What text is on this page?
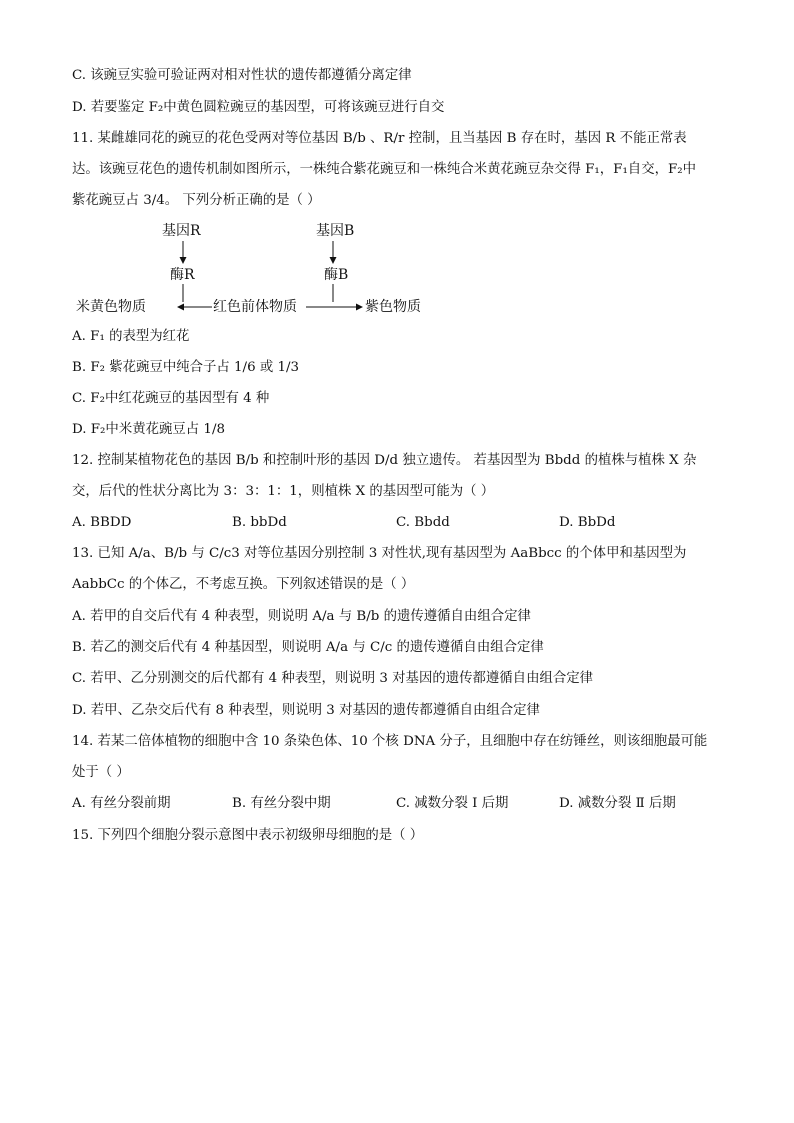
C. 该豌豆实验可验证两对相对性状的遗传都遵循分离定律
D. 若要鉴定 F₂中黄色圆粒豌豆的基因型，可将该豌豆进行自交
11. 某雌雄同花的豌豆的花色受两对等位基因 B/b 、R/r 控制，且当基因 B 存在时，基因 R 不能正常表
达。该豌豆花色的遗传机制如图所示，一株纯合紫花豌豆和一株纯合米黄花豌豆杂交得 F₁，F₁自交，F₂中
紫花豌豆占 3/4。 下列分析正确的是（ ）
基因R	基因B
酶R	酶B
米黄色物质	红色前体物质	紫色物质
A. F₁ 的表型为红花
B. F₂ 紫花豌豆中纯合子占 1/6 或 1/3
C. F₂中红花豌豆的基因型有 4 种
D. F₂中米黄花豌豆占 1/8
12. 控制某植物花色的基因 B/b 和控制叶形的基因 D/d 独立遗传。 若基因型为 Bbdd 的植株与植株 X 杂
交，后代的性状分离比为 3：3：1：1，则植株 X 的基因型可能为（ ）
A. BBDD	B. bbDd	C. Bbdd	D. BbDd
13. 已知 A/a、B/b 与 C/c3 对等位基因分别控制 3 对性状,现有基因型为 AaBbcc 的个体甲和基因型为
AabbCc 的个体乙，不考虑互换。下列叙述错误的是（ ）
A. 若甲的自交后代有 4 种表型，则说明 A/a 与 B/b 的遗传遵循自由组合定律
B. 若乙的测交后代有 4 种基因型，则说明 A/a 与 C/c 的遗传遵循自由组合定律
C. 若甲、乙分别测交的后代都有 4 种表型，则说明 3 对基因的遗传都遵循自由组合定律
D. 若甲、乙杂交后代有 8 种表型，则说明 3 对基因的遗传都遵循自由组合定律
14. 若某二倍体植物的细胞中含 10 条染色体、10 个核 DNA 分子，且细胞中存在纺锤丝，则该细胞最可能
处于（ ）
A. 有丝分裂前期	B. 有丝分裂中期	C. 减数分裂 Ⅰ 后期	D. 减数分裂 Ⅱ 后期
15. 下列四个细胞分裂示意图中表示初级卵母细胞的是（ ）
